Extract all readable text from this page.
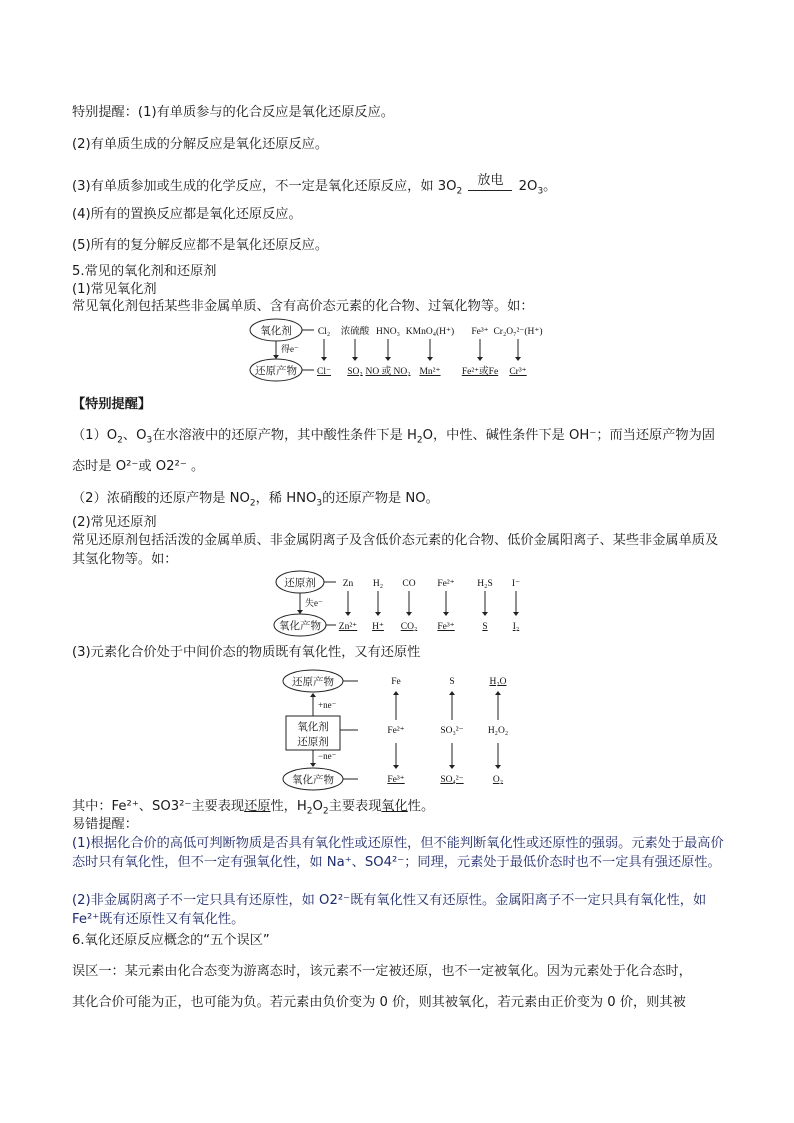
特别提醒：(1)有单质参与的化合反应是氧化还原反应。
(2)有单质生成的分解反应是氧化还原反应。
(3)有单质参加或生成的化学反应，不一定是氧化还原反应，如 $3O_2$ 放电 $2O_3$。
(4)所有的置换反应都是氧化还原反应。
(5)所有的复分解反应都不是氧化还原反应。
5.常见的氧化剂和还原剂
(1)常见氧化剂
常见氧化剂包括某些非金属单质、含有高价态元素的化合物、过氧化物等。如：
氧化剂
还原产物
得e⁻
Cl₂ 浓硫酸 HNO₃ KMnO₄(H⁺) Fe³⁺ Cr₂O₇²⁻(H⁺)
Cl⁻ SO₂ NO 或 NO₂ Mn²⁺ Fe²⁺或Fe Cr³⁺
【特别提醒】
$(1)O_2$、$O_3$在水溶液中的还原产物，其中酸性条件下是 $H_2O$，中性、碱性条件下是 OH⁻；而当还原产物为固
态时是 O²⁻或 O2²⁻ 。
（2）浓硝酸的还原产物是 $NO_2$，稀 $HNO_3$的还原产物是 NO。
(2)常见还原剂
常见还原剂包括活泼的金属单质、非金属阴离子及含低价态元素的化合物、低价金属阳离子、某些非金属单质及其氢化物等。如：
还原剂
氧化产物
失e⁻
Zn H₂ CO Fe²⁺ H₂S I⁻
Zn²⁺ H⁺ CO₂ Fe³⁺	S	I₂
(3)元素化合价处于中间价态的物质既有氧化性，又有还原性
还原产物
氧化剂
还原剂
氧化产物
+ne⁻
−ne⁻
Fe
Fe²⁺
Fe³⁺
S
SO₃²⁻
SO₄²⁻
H₂O
H₂O₂
O₂
其中：Fe²⁺、SO3²⁻主要表现还原性，$H_2O_2$主要表现氧化性。
易错提醒：
(1)根据化合价的高低可判断物质是否具有氧化性或还原性，但不能判断氧化性或还原性的强弱。元素处于最高价态时只有氧化性，但不一定有强氧化性，如 Na⁺、SO4²⁻；同理，元素处于最低价态时也不一定具有强还原性。
(2)非金属阴离子不一定只具有还原性，如 O2²⁻既有氧化性又有还原性。金属阳离子不一定只具有氧化性，如 Fe²⁺既有还原性又有氧化性。
6.氧化还原反应概念的“五个误区”
误区一：某元素由化合态变为游离态时，该元素不一定被还原，也不一定被氧化。因为元素处于化合态时，
其化合价可能为正，也可能为负。若元素由负价变为 0 价，则其被氧化，若元素由正价变为 0 价，则其被
